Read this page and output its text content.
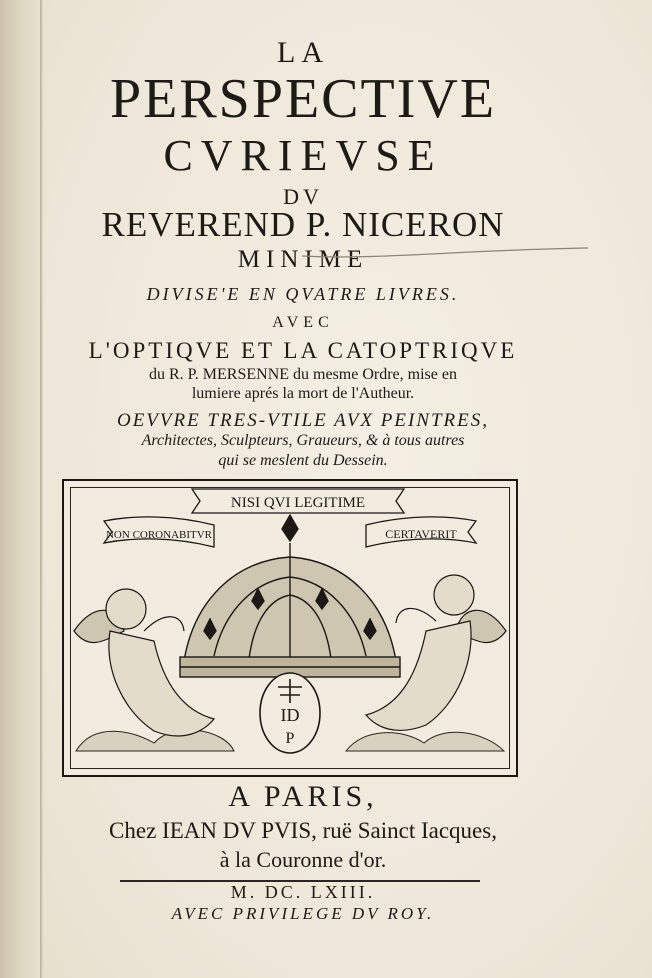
LA
PERSPECTIVE
CVRIEVSE
DV
REVEREND P. NICERON
MINIME
DIVISE'E EN QVATRE LIVRES.
AVEC
L'OPTIQVE ET LA CATOPTRIQVE
du R. P. MERSENNE du mesme Ordre, mise en
lumiere aprés la mort de l'Autheur.
OEVVRE TRES-VTILE AVX PEINTRES,
Architectes, Sculpteurs, Graueurs, & à tous autres
qui se meslent du Dessein.
ID
P
NISI QVI LEGITIME
NON CORONABITVR	CERTAVERIT
A PARIS,
Chez IEAN DV PVIS, ruë Sainct Iacques,
à la Couronne d'or.
M. DC. LXIII.
AVEC PRIVILEGE DV ROY.
